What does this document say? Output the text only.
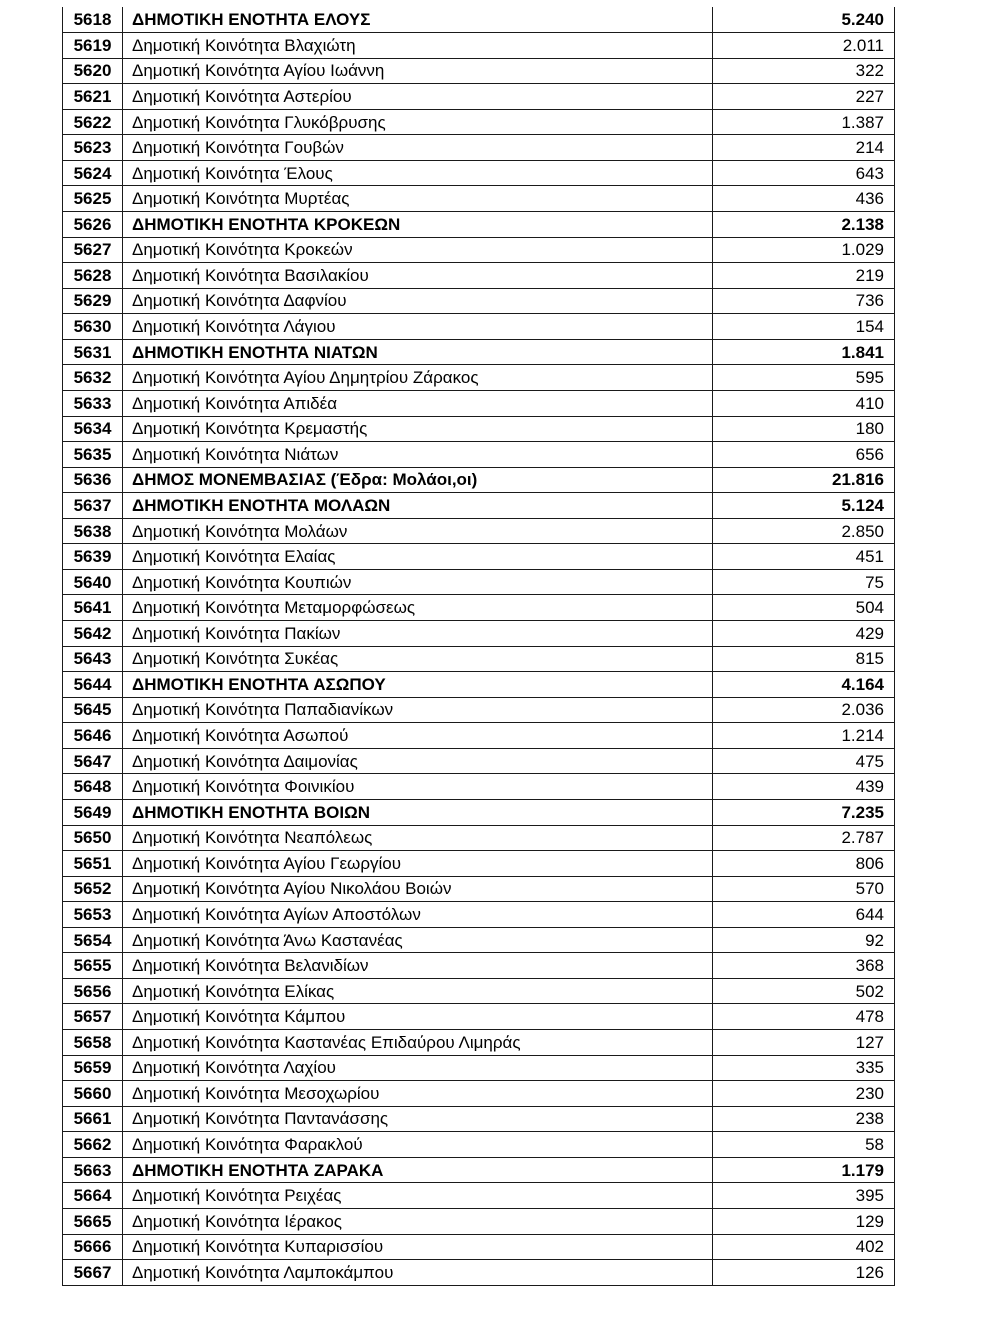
5618	ΔΗΜΟΤΙΚΗ ΕΝΟΤΗΤΑ ΕΛΟΥΣ	5.240
5619	Δημοτική Κοινότητα Βλαχιώτη	2.011
5620	Δημοτική Κοινότητα Αγίου Ιωάννη	322
5621	Δημοτική Κοινότητα Αστερίου	227
5622	Δημοτική Κοινότητα Γλυκόβρυσης	1.387
5623	Δημοτική Κοινότητα Γουβών	214
5624	Δημοτική Κοινότητα Έλους	643
5625	Δημοτική Κοινότητα Μυρτέας	436
5626	ΔΗΜΟΤΙΚΗ ΕΝΟΤΗΤΑ ΚΡΟΚΕΩΝ	2.138
5627	Δημοτική Κοινότητα Κροκεών	1.029
5628	Δημοτική Κοινότητα Βασιλακίου	219
5629	Δημοτική Κοινότητα Δαφνίου	736
5630	Δημοτική Κοινότητα Λάγιου	154
5631	ΔΗΜΟΤΙΚΗ ΕΝΟΤΗΤΑ ΝΙΑΤΩΝ	1.841
5632	Δημοτική Κοινότητα Αγίου Δημητρίου Ζάρακος	595
5633	Δημοτική Κοινότητα Απιδέα	410
5634	Δημοτική Κοινότητα Κρεμαστής	180
5635	Δημοτική Κοινότητα Νιάτων	656
5636	ΔΗΜΟΣ ΜΟΝΕΜΒΑΣΙΑΣ (Έδρα: Μολάοι,οι)	21.816
5637	ΔΗΜΟΤΙΚΗ ΕΝΟΤΗΤΑ ΜΟΛΑΩΝ	5.124
5638	Δημοτική Κοινότητα Μολάων	2.850
5639	Δημοτική Κοινότητα Ελαίας	451
5640	Δημοτική Κοινότητα Κουπιών	75
5641	Δημοτική Κοινότητα Μεταμορφώσεως	504
5642	Δημοτική Κοινότητα Πακίων	429
5643	Δημοτική Κοινότητα Συκέας	815
5644	ΔΗΜΟΤΙΚΗ ΕΝΟΤΗΤΑ ΑΣΩΠΟΥ	4.164
5645	Δημοτική Κοινότητα Παπαδιανίκων	2.036
5646	Δημοτική Κοινότητα Ασωπού	1.214
5647	Δημοτική Κοινότητα Δαιμονίας	475
5648	Δημοτική Κοινότητα Φοινικίου	439
5649	ΔΗΜΟΤΙΚΗ ΕΝΟΤΗΤΑ ΒΟΙΩΝ	7.235
5650	Δημοτική Κοινότητα Νεαπόλεως	2.787
5651	Δημοτική Κοινότητα Αγίου Γεωργίου	806
5652	Δημοτική Κοινότητα Αγίου Νικολάου Βοιών	570
5653	Δημοτική Κοινότητα Αγίων Αποστόλων	644
5654	Δημοτική Κοινότητα Άνω Καστανέας	92
5655	Δημοτική Κοινότητα Βελανιδίων	368
5656	Δημοτική Κοινότητα Ελίκας	502
5657	Δημοτική Κοινότητα Κάμπου	478
5658	Δημοτική Κοινότητα Καστανέας Επιδαύρου Λιμηράς	127
5659	Δημοτική Κοινότητα Λαχίου	335
5660	Δημοτική Κοινότητα Μεσοχωρίου	230
5661	Δημοτική Κοινότητα Παντανάσσης	238
5662	Δημοτική Κοινότητα Φαρακλού	58
5663	ΔΗΜΟΤΙΚΗ ΕΝΟΤΗΤΑ ΖΑΡΑΚΑ	1.179
5664	Δημοτική Κοινότητα Ρειχέας	395
5665	Δημοτική Κοινότητα Ιέρακος	129
5666	Δημοτική Κοινότητα Κυπαρισσίου	402
5667	Δημοτική Κοινότητα Λαμποκάμπου	126
